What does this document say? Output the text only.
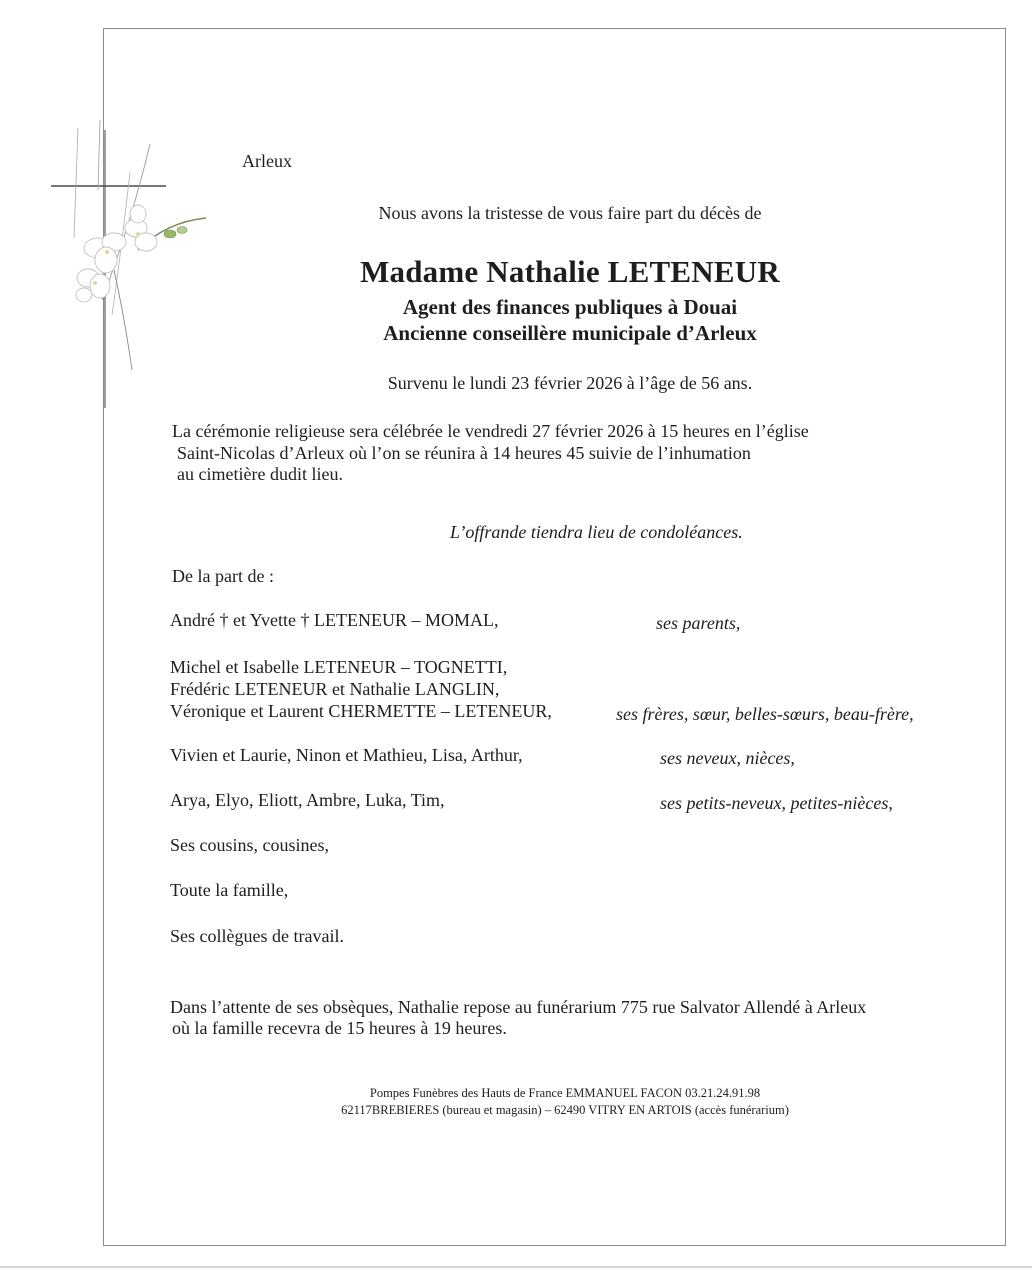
Arleux
Nous avons la tristesse de vous faire part du décès de
Madame Nathalie LETENEUR
Agent des finances publiques à Douai
Ancienne conseillère municipale d’Arleux
Survenu le lundi 23 février 2026 à l’âge de 56 ans.
La cérémonie religieuse sera célébrée le vendredi 27 février 2026 à 15 heures en l’église
Saint-Nicolas d’Arleux où l’on se réunira à 14 heures 45 suivie de l’inhumation
au cimetière dudit lieu.
L’offrande tiendra lieu de condoléances.
De la part de :
André † et Yvette † LETENEUR – MOMAL,	ses parents,
Michel et Isabelle LETENEUR – TOGNETTI,
Frédéric LETENEUR et Nathalie LANGLIN,
Véronique et Laurent CHERMETTE – LETENEUR,	ses frères, sœur, belles-sœurs, beau-frère,
Vivien et Laurie, Ninon et Mathieu, Lisa, Arthur,	ses neveux, nièces,
Arya, Elyo, Eliott, Ambre, Luka, Tim,	ses petits-neveux, petites-nièces,
Ses cousins, cousines,
Toute la famille,
Ses collègues de travail.
Dans l’attente de ses obsèques, Nathalie repose au funérarium 775 rue Salvator Allendé à Arleux
où la famille recevra de 15 heures à 19 heures.
Pompes Funèbres des Hauts de France EMMANUEL FACON 03.21.24.91.98
62117BREBIERES (bureau et magasin) – 62490 VITRY EN ARTOIS (accès funérarium)
